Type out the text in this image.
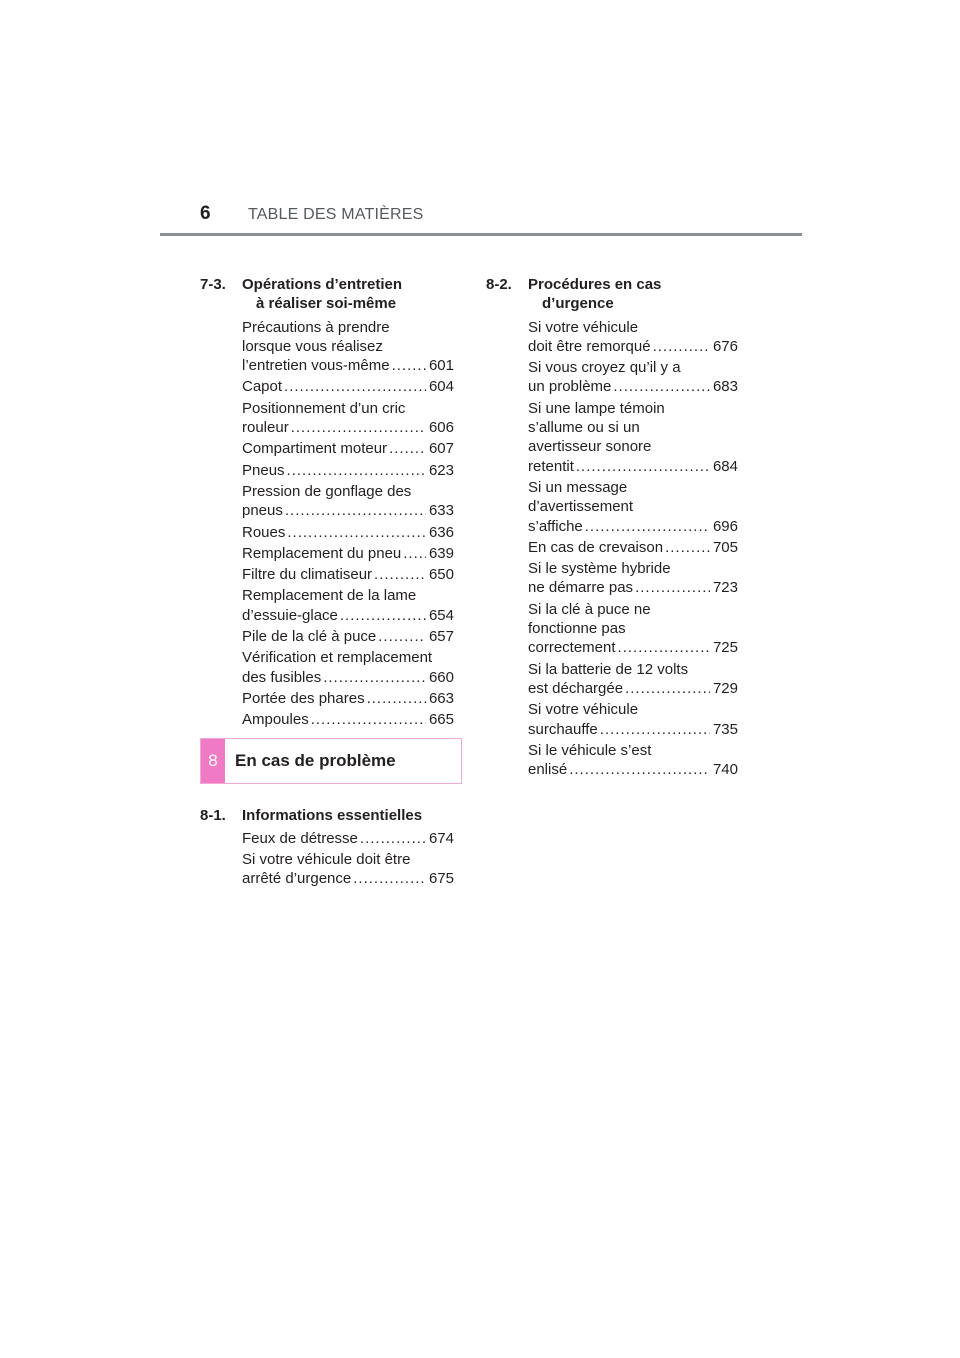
6 TABLE DES MATIÈRES
7-3. Opérations d’entretien
à réaliser soi-même
Précautions à prendre
lorsque vous réalisez
l’entretien vous-même .....	601
Capot .....	604
Positionnement d’un cric
rouleur .....	606
Compartiment moteur .....	607
Pneus .....	623
Pression de gonflage des
pneus .....	633
Roues .....	636
Remplacement du pneu ..... 639
Filtre du climatiseur .....	650
Remplacement de la lame
d’essuie-glace .....	654
Pile de la clé à puce .....	657
Vérification et remplacement
des fusibles .....	660
Portée des phares .....	663
Ampoules .....	665
8	En cas de problème
8-1. Informations essentielles
Feux de détresse .....	674
Si votre véhicule doit être
arrêté d’urgence .....	675
8-2. Procédures en cas
d’urgence
Si votre véhicule
doit être remorqué .....	676
Si vous croyez qu’il y a
un problème .....	683
Si une lampe témoin
s’allume ou si un
avertisseur sonore
retentit .....	684
Si un message
d’avertissement
s’affiche .....	696
En cas de crevaison .....	705
Si le système hybride
ne démarre pas .....	723
Si la clé à puce ne
fonctionne pas
correctement .....	725
Si la batterie de 12 volts
est déchargée .....	729
Si votre véhicule
surchauffe .....	735
Si le véhicule s’est
enlisé .....	740
